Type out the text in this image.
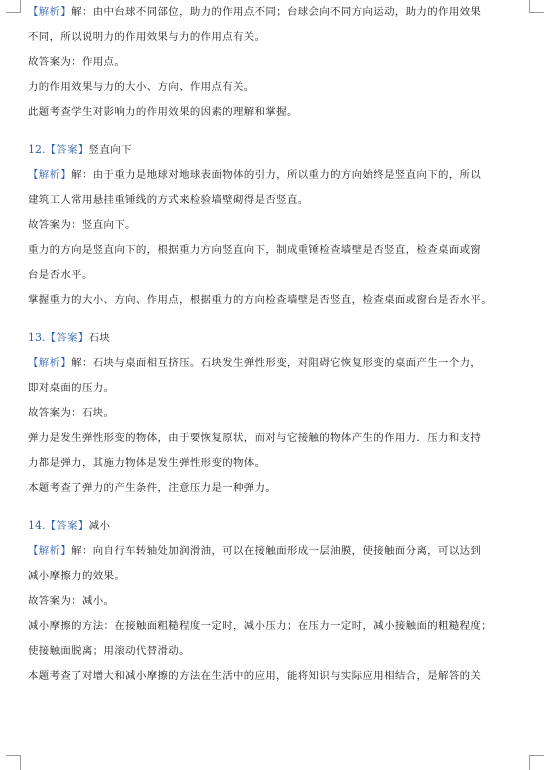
【解析】解：由中台球不同部位，助力的作用点不同；台球会向不同方向运动，助力的作用效果
不同，所以说明力的作用效果与力的作用点有关。
故答案为：作用点。
力的作用效果与力的大小、方向、作用点有关。
此题考查学生对影响力的作用效果的因素的理解和掌握。
12.【答案】竖直向下
【解析】解：由于重力是地球对地球表面物体的引力，所以重力的方向始终是竖直向下的，所以
建筑工人常用悬挂重锤线的方式来检验墙壁砌得是否竖直。
故答案为：竖直向下。
重力的方向是竖直向下的，根据重力方向竖直向下，制成重锤检查墙壁是否竖直，检查桌面或窗
台是否水平。
掌握重力的大小、方向、作用点，根据重力的方向检查墙壁是否竖直，检查桌面或窗台是否水平。
13.【答案】石块
【解析】解：石块与桌面相互挤压。石块发生弹性形变，对阻碍它恢复形变的桌面产生一个力，
即对桌面的压力。
故答案为：石块。
弹力是发生弹性形变的物体，由于要恢复原状，而对与它接触的物体产生的作用力．压力和支持
力都是弹力，其施力物体是发生弹性形变的物体。
本题考查了弹力的产生条件，注意压力是一种弹力。
14.【答案】减小
【解析】解：向自行车转轴处加润滑油，可以在接触面形成一层油膜，使接触面分离，可以达到
减小摩擦力的效果。
故答案为：减小。
减小摩擦的方法：在接触面粗糙程度一定时，减小压力；在压力一定时，减小接触面的粗糙程度；
使接触面脱离；用滚动代替滑动。
本题考查了对增大和减小摩擦的方法在生活中的应用，能将知识与实际应用相结合，是解答的关
